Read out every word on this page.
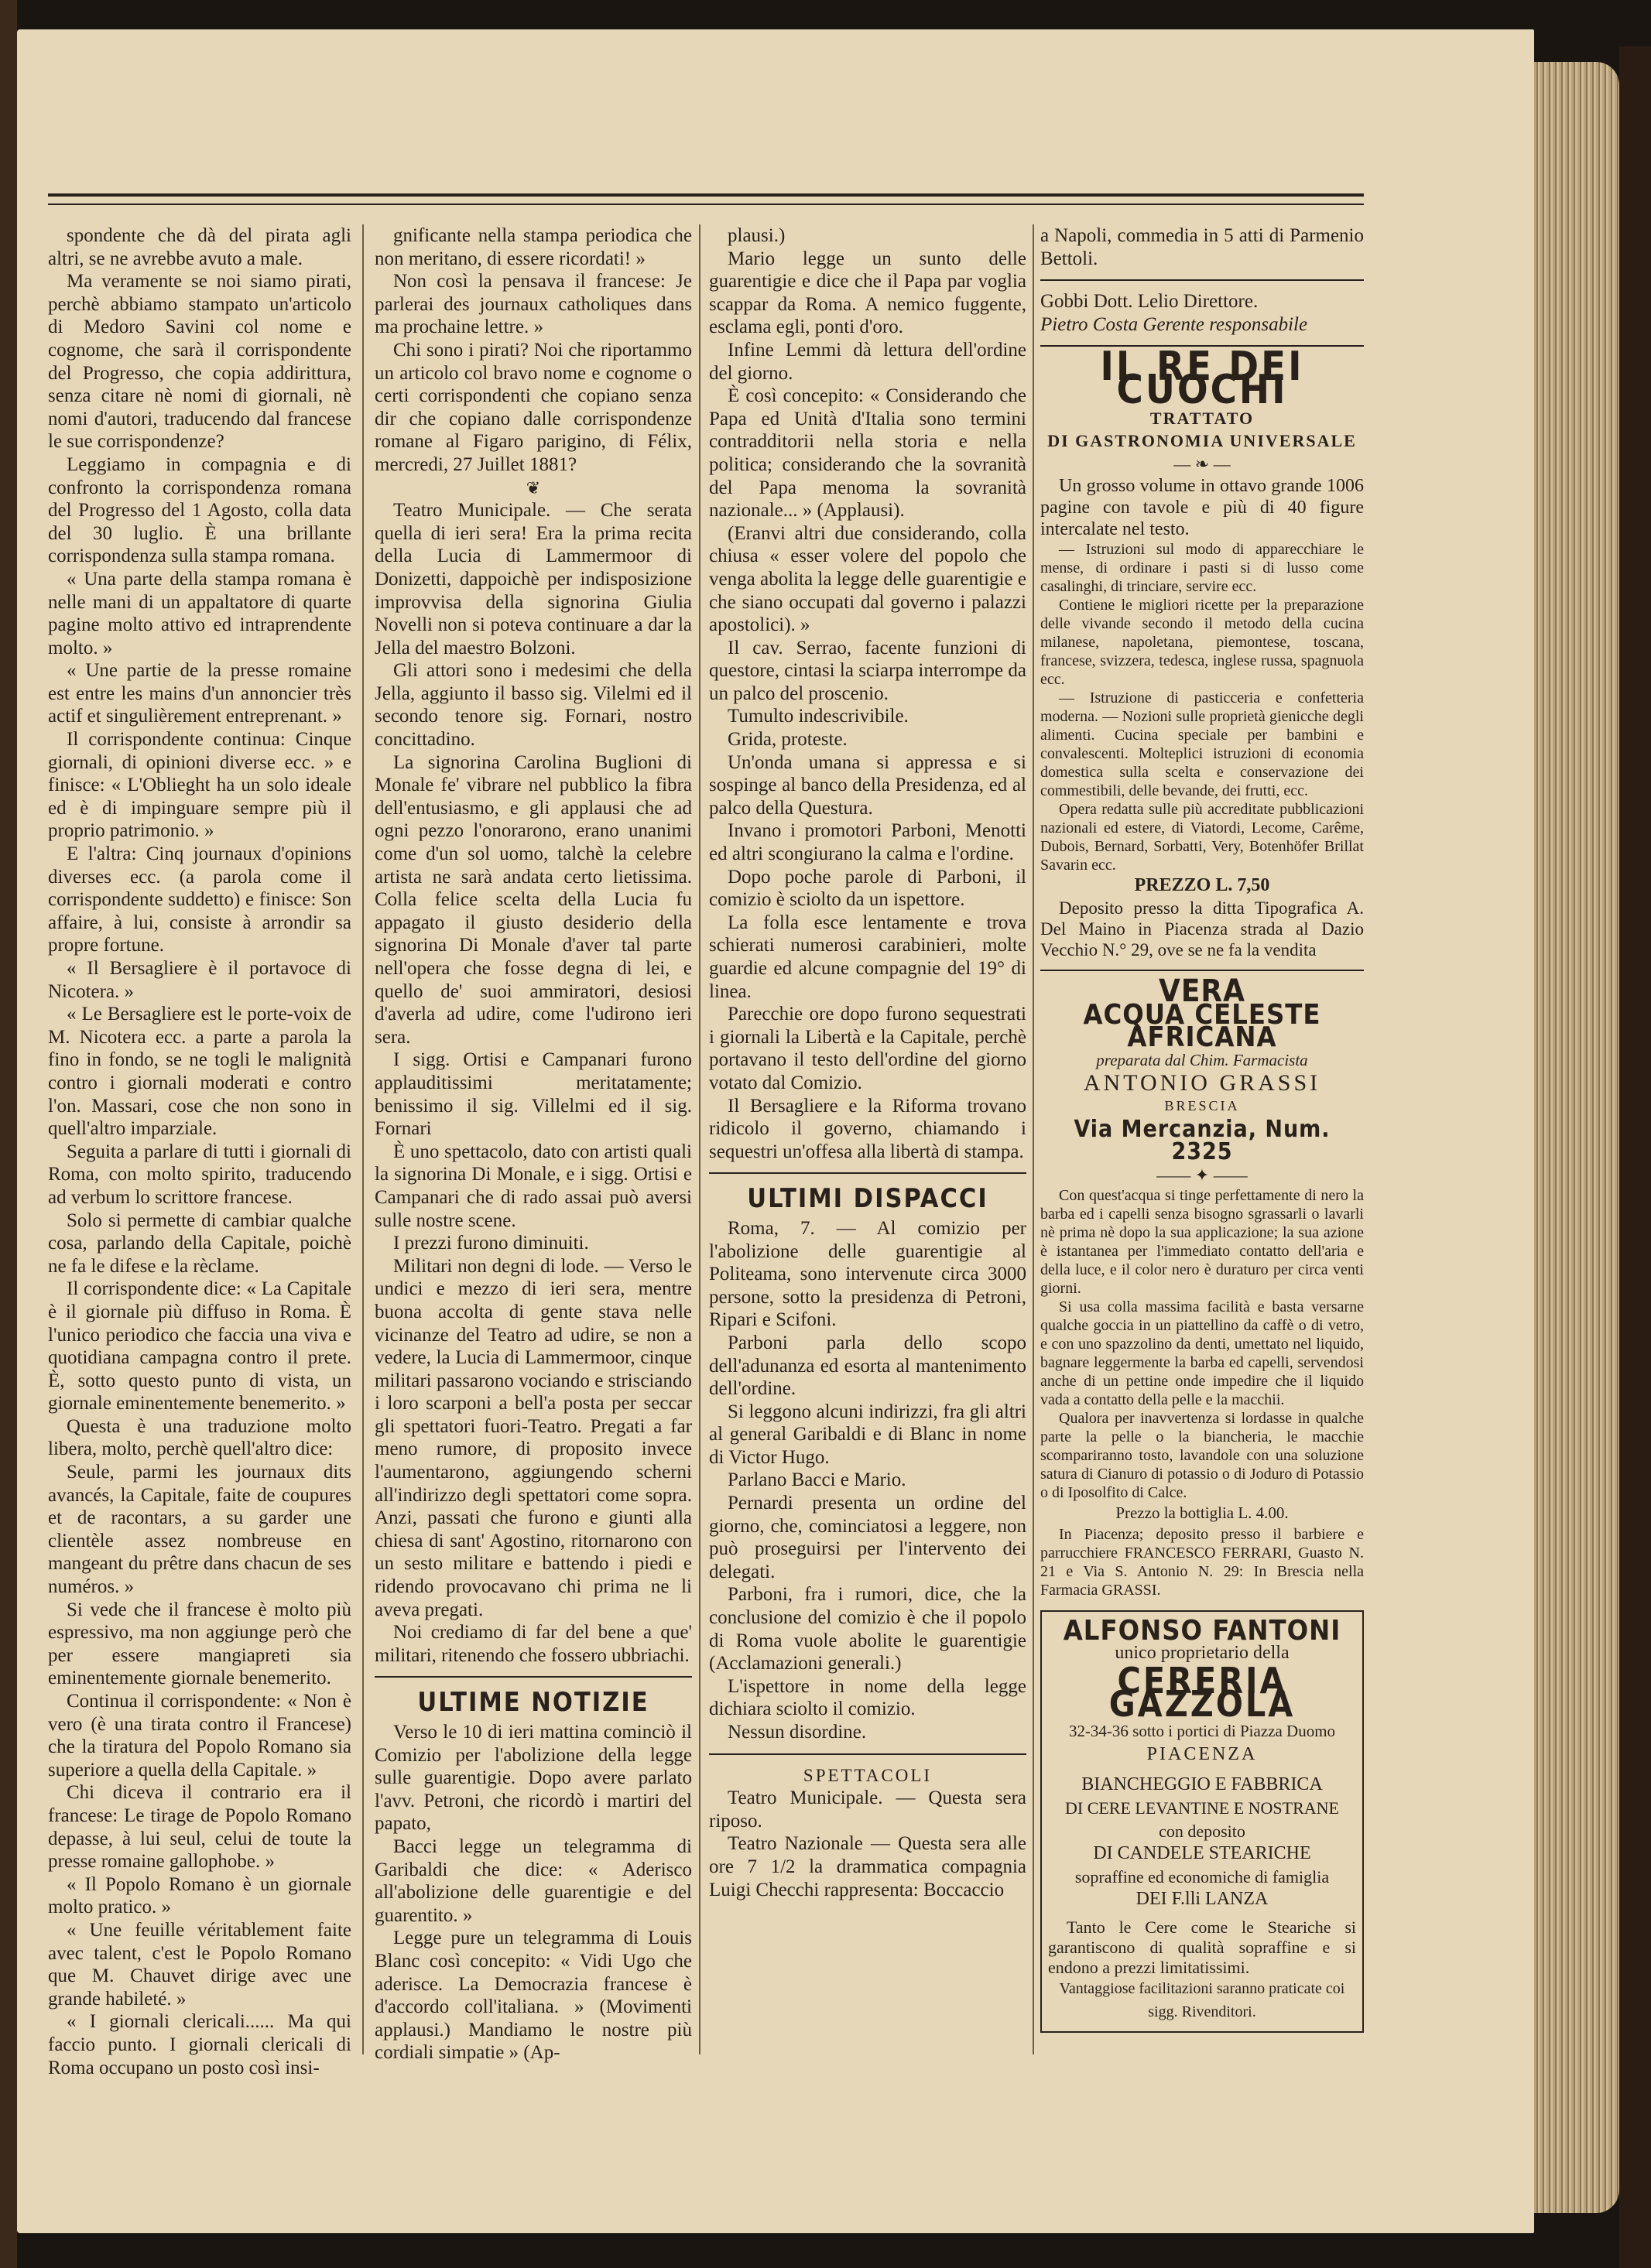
spondente che dà del pirata agli altri, se ne avrebbe avuto a male.

Ma veramente se noi siamo pirati, perchè abbiamo stampato un'articolo di Medoro Savini col nome e cognome, che sarà il corrispondente del Progresso, che copia addirittura, senza citare nè nomi di giornali, nè nomi d'autori, traducendo dal francese le sue corrispondenze?

Leggiamo in compagnia e di confronto la corrispondenza romana del Progresso del 1 Agosto, colla data del 30 luglio. È una brillante corrispondenza sulla stampa romana.

« Una parte della stampa romana è nelle mani di un appaltatore di quarte pagine molto attivo ed intraprendente molto. »

« Une partie de la presse romaine est entre les mains d'un annoncier très actif et singulièrement entreprenant. »

Il corrispondente continua: Cinque giornali, di opinioni diverse ecc. » e finisce: « L'Oblieght ha un solo ideale ed è di impinguare sempre più il proprio patrimonio. »

E l'altra: Cinq journaux d'opinions diverses ecc. (a parola come il corrispondente suddetto) e finisce: Son affaire, à lui, consiste à arrondir sa propre fortune.

« Il Bersagliere è il portavoce di Nicotera. »

« Le Bersagliere est le porte-voix de M. Nicotera ecc. a parte a parola la fino in fondo, se ne togli le malignità contro i giornali moderati e contro l'on. Massari, cose che non sono in quell'altro imparziale.

Seguita a parlare di tutti i giornali di Roma, con molto spirito, traducendo ad verbum lo scrittore francese.

Solo si permette di cambiar qualche cosa, parlando della Capitale, poichè ne fa le difese e la rèclame.

Il corrispondente dice: « La Capitale è il giornale più diffuso in Roma. È l'unico periodico che faccia una viva e quotidiana campagna contro il prete. È, sotto questo punto di vista, un giornale eminentemente benemerito. »

Questa è una traduzione molto libera, molto, perchè quell'altro dice:

Seule, parmi les journaux dits avancés, la Capitale, faite de coupures et de racontars, a su garder une clientèle assez nombreuse en mangeant du prêtre dans chacun de ses numéros. »

Si vede che il francese è molto più espressivo, ma non aggiunge però che per essere mangiapreti sia eminentemente giornale benemerito.

Continua il corrispondente: « Non è vero (è una tirata contro il Francese) che la tiratura del Popolo Romano sia superiore a quella della Capitale. »

Chi diceva il contrario era il francese: Le tirage de Popolo Romano depasse, à lui seul, celui de toute la presse romaine gallophobe. »

« Il Popolo Romano è un giornale molto pratico. »

« Une feuille véritablement faite avec talent, c'est le Popolo Romano que M. Chauvet dirige avec une grande habileté. »

« I giornali clericali...... Ma qui faccio punto. I giornali clericali di Roma occupano un posto così insi-

gnificante nella stampa periodica che non meritano, di essere ricordati! »

Non così la pensava il francese: Je parlerai des journaux catholiques dans ma prochaine lettre. »

Chi sono i pirati? Noi che riportammo un articolo col bravo nome e cognome o certi corrispondenti che copiano senza dir che copiano dalle corrispondenze romane al Figaro parigino, di Félix, mercredi, 27 Juillet 1881?

❦

Teatro Municipale. — Che serata quella di ieri sera! Era la prima recita della Lucia di Lammermoor di Donizetti, dappoichè per indisposizione improvvisa della signorina Giulia Novelli non si poteva continuare a dar la Jella del maestro Bolzoni.

Gli attori sono i medesimi che della Jella, aggiunto il basso sig. Vilelmi ed il secondo tenore sig. Fornari, nostro concittadino.

La signorina Carolina Buglioni di Monale fe' vibrare nel pubblico la fibra dell'entusiasmo, e gli applausi che ad ogni pezzo l'onorarono, erano unanimi come d'un sol uomo, talchè la celebre artista ne sarà andata certo lietissima. Colla felice scelta della Lucia fu appagato il giusto desiderio della signorina Di Monale d'aver tal parte nell'opera che fosse degna di lei, e quello de' suoi ammiratori, desiosi d'averla ad udire, come l'udirono ieri sera.

I sigg. Ortisi e Campanari furono applauditissimi meritatamente; benissimo il sig. Villelmi ed il sig. Fornari

È uno spettacolo, dato con artisti quali la signorina Di Monale, e i sigg. Ortisi e Campanari che di rado assai può aversi sulle nostre scene.

I prezzi furono diminuiti.

Militari non degni di lode. — Verso le undici e mezzo di ieri sera, mentre buona accolta di gente stava nelle vicinanze del Teatro ad udire, se non a vedere, la Lucia di Lammermoor, cinque militari passarono vociando e strisciando i loro scarponi a bell'a posta per seccar gli spettatori fuori-Teatro. Pregati a far meno rumore, di proposito invece l'aumentarono, aggiungendo scherni all'indirizzo degli spettatori come sopra. Anzi, passati che furono e giunti alla chiesa di sant' Agostino, ritornarono con un sesto militare e battendo i piedi e ridendo provocavano chi prima ne li aveva pregati.

Noi crediamo di far del bene a que' militari, ritenendo che fossero ubbriachi.

ULTIME NOTIZIE

Verso le 10 di ieri mattina cominciò il Comizio per l'abolizione della legge sulle guarentigie. Dopo avere parlato l'avv. Petroni, che ricordò i martiri del papato,

Bacci legge un telegramma di Garibaldi che dice: « Aderisco all'abolizione delle guarentigie e del guarentito. »

Legge pure un telegramma di Louis Blanc così concepito: « Vidi Ugo che aderisce. La Democrazia francese è d'accordo coll'italiana. » (Movimenti applausi.) Mandiamo le nostre più cordiali simpatie » (Ap-

plausi.)

Mario legge un sunto delle guarentigie e dice che il Papa par voglia scappar da Roma. A nemico fuggente, esclama egli, ponti d'oro.

Infine Lemmi dà lettura dell'ordine del giorno.

È così concepito: « Considerando che Papa ed Unità d'Italia sono termini contradditorii nella storia e nella politica; considerando che la sovranità del Papa menoma la sovranità nazionale... » (Applausi).

(Eranvi altri due considerando, colla chiusa « esser volere del popolo che venga abolita la legge delle guarentigie e che siano occupati dal governo i palazzi apostolici). »

Il cav. Serrao, facente funzioni di questore, cintasi la sciarpa interrompe da un palco del proscenio.

Tumulto indescrivibile.

Grida, proteste.

Un'onda umana si appressa e si sospinge al banco della Presidenza, ed al palco della Questura.

Invano i promotori Parboni, Menotti ed altri scongiurano la calma e l'ordine.

Dopo poche parole di Parboni, il comizio è sciolto da un ispettore.

La folla esce lentamente e trova schierati numerosi carabinieri, molte guardie ed alcune compagnie del 19° di linea.

Parecchie ore dopo furono sequestrati i giornali la Libertà e la Capitale, perchè portavano il testo dell'ordine del giorno votato dal Comizio.

Il Bersagliere e la Riforma trovano ridicolo il governo, chiamando i sequestri un'offesa alla libertà di stampa.

ULTIMI DISPACCI

Roma, 7. — Al comizio per l'abolizione delle guarentigie al Politeama, sono intervenute circa 3000 persone, sotto la presidenza di Petroni, Ripari e Scifoni.

Parboni parla dello scopo dell'adunanza ed esorta al mantenimento dell'ordine.

Si leggono alcuni indirizzi, fra gli altri al general Garibaldi e di Blanc in nome di Victor Hugo.

Parlano Bacci e Mario.

Pernardi presenta un ordine del giorno, che, cominciatosi a leggere, non può proseguirsi per l'intervento dei delegati.

Parboni, fra i rumori, dice, che la conclusione del comizio è che il popolo di Roma vuole abolite le guarentigie (Acclamazioni generali.)

L'ispettore in nome della legge dichiara sciolto il comizio.

Nessun disordine.

SPETTACOLI

Teatro Municipale. — Questa sera riposo.

Teatro Nazionale — Questa sera alle ore 7 1/2 la drammatica compagnia Luigi Checchi rappresenta: Boccaccio

a Napoli, commedia in 5 atti di Parmenio Bettoli.

Gobbi Dott. Lelio Direttore.

Pietro Costa Gerente responsabile

IL RE DEI CUOCHI
TRATTATO
DI GASTRONOMIA UNIVERSALE
— ❧ —

Un grosso volume in ottavo grande 1006 pagine con tavole e più di 40 figure intercalate nel testo.

— Istruzioni sul modo di apparecchiare le mense, di ordinare i pasti si di lusso come casalinghi, di trinciare, servire ecc.

Contiene le migliori ricette per la preparazione delle vivande secondo il metodo della cucina milanese, napoletana, piemontese, toscana, francese, svizzera, tedesca, inglese russa, spagnuola ecc.

— Istruzione di pasticceria e confetteria moderna. — Nozioni sulle proprietà gienicche degli alimenti. Cucina speciale per bambini e convalescenti. Molteplici istruzioni di economia domestica sulla scelta e conservazione dei commestibili, delle bevande, dei frutti, ecc.

Opera redatta sulle più accreditate pubblicazioni nazionali ed estere, di Viatordi, Lecome, Carême, Dubois, Bernard, Sorbatti, Very, Botenhöfer Brillat Savarin ecc.

PREZZO L. 7,50

Deposito presso la ditta Tipografica A. Del Maino in Piacenza strada al Dazio Vecchio N.° 29, ove se ne fa la vendita

VERA
ACQUA CELESTE AFRICANA
preparata dal Chim. Farmacista
ANTONIO GRASSI
BRESCIA
Via Mercanzia, Num. 2325
—— ✦ ——

Con quest'acqua si tinge perfettamente di nero la barba ed i capelli senza bisogno sgrassarli o lavarli nè prima nè dopo la sua applicazione; la sua azione è istantanea per l'immediato contatto dell'aria e della luce, e il color nero è duraturo per circa venti giorni.

Si usa colla massima facilità e basta versarne qualche goccia in un piattellino da caffè o di vetro, e con uno spazzolino da denti, umettato nel liquido, bagnare leggermente la barba ed capelli, servendosi anche di un pettine onde impedire che il liquido vada a contatto della pelle e la macchii.

Qualora per inavvertenza si lordasse in qualche parte la pelle o la biancheria, le macchie scompariranno tosto, lavandole con una soluzione satura di Cianuro di potassio o di Joduro di Potassio o di Iposolfito di Calce.

Prezzo la bottiglia L. 4.00.

In Piacenza; deposito presso il barbiere e parrucchiere FRANCESCO FERRARI, Guasto N. 21 e Via S. Antonio N. 29: In Brescia nella Farmacia GRASSI.

ALFONSO FANTONI
unico proprietario della
CERERIA GAZZOLA
32-34-36 sotto i portici di Piazza Duomo
PIACENZA
BIANCHEGGIO E FABBRICA
DI CERE LEVANTINE E NOSTRANE
con deposito
DI CANDELE STEARICHE
sopraffine ed economiche di famiglia
DEI F.lli LANZA

Tanto le Cere come le Steariche si garantiscono di qualità sopraffine e si endono a prezzi limitatissimi.

Vantaggiose facilitazioni saranno praticate coi sigg. Rivenditori.
